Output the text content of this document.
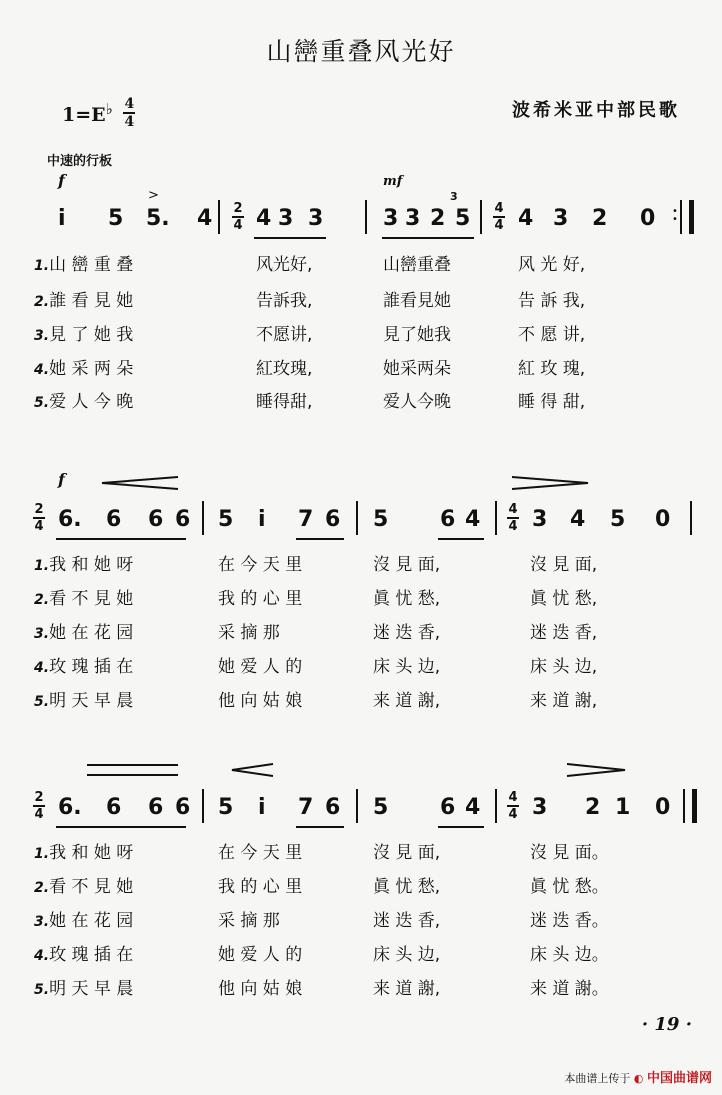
山巒重叠风光好
$1=E^♭ \frac{4}{4}$	波希米亚中部民歌
中速的行板
f
>
mf
i 5 5. 4 2
4 4 3 3	3 3 2
3
5 4
4 4 3 2 0 •
•
1.山 巒 重 叠	风光好,	山巒重叠	风 光 好,
2.誰 看 見 她	告訴我,	誰看見她	告 訴 我,
3.見 了 她 我	不愿讲,	見了她我	不 愿 讲,
4.她 采 两 朵	紅玫瑰,	她采两朵	紅 玫 瑰,
5.爱 人 今 晚	睡得甜,	爱人今晚	睡 得 甜,
f
2
4 6. 6 6 6 5 i 7 6 5 6 4 4
4 3 4 5 0
1.我 和 她 呀	在 今 天 里	沒 見 面,	沒 見 面,
2.看 不 見 她	我 的 心 里	眞 忧 愁,	眞 忧 愁,
3.她 在 花 园	采 摘 那	迷 迭 香,	迷 迭 香,
4.玫 瑰 插 在	她 爱 人 的	床 头 边,	床 头 边,
5.明 天 早 晨	他 向 姑 娘	来 道 謝,	来 道 謝,
2
4 6. 6 6 6 5 i 7 6 5 6 4 4
4 3 2 1 0
1.我 和 她 呀	在 今 天 里	沒 見 面,	沒 見 面。
2.看 不 見 她	我 的 心 里	眞 忧 愁,	眞 忧 愁。
3.她 在 花 园	采 摘 那	迷 迭 香,	迷 迭 香。
4.玫 瑰 插 在	她 爱 人 的	床 头 边,	床 头 边。
5.明 天 早 晨	他 向 姑 娘	来 道 謝,	来 道 謝。
· 19 ·
本曲谱上传于 ◐ 中国曲谱网
